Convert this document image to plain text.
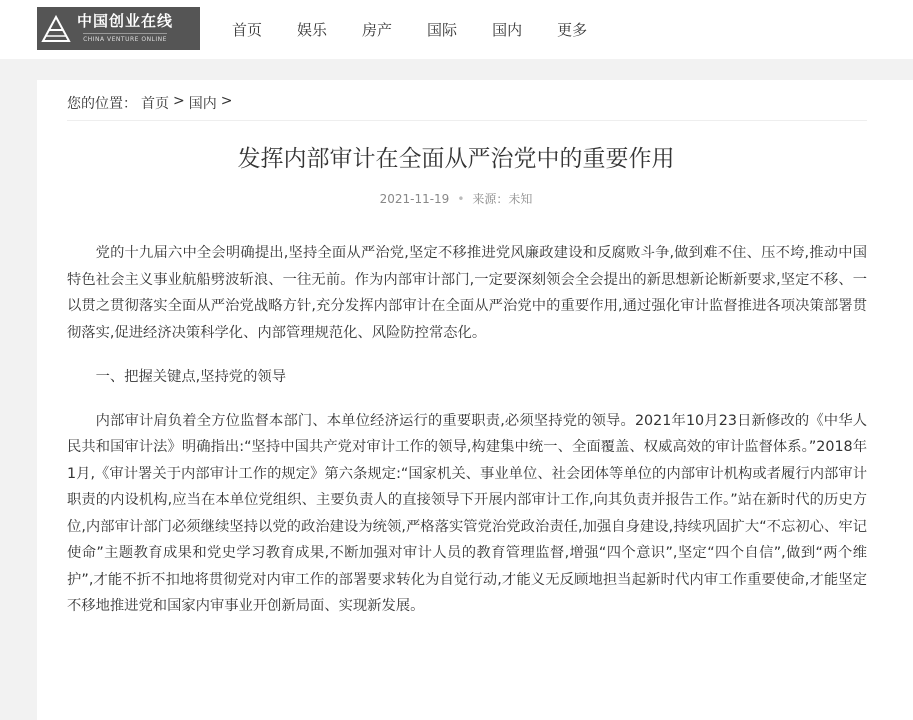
中国创业在线
CHINA VENTURE ONLINE
首页 娱乐 房产 国际 国内 更多
您的位置： 首页 > 国内 >
发挥内部审计在全面从严治党中的重要作用
2021-11-19 • 来源：未知

党的十九届六中全会明确提出,坚持全面从严治党,坚定不移推进党风廉政建设和反腐败斗争,做到难不住、压不垮,推动中国特色社会主义事业航船劈波斩浪、一往无前。作为内部审计部门,一定要深刻领会全会提出的新思想新论断新要求,坚定不移、一以贯之贯彻落实全面从严治党战略方针,充分发挥内部审计在全面从严治党中的重要作用,通过强化审计监督推进各项决策部署贯彻落实,促进经济决策科学化、内部管理规范化、风险防控常态化。

一、把握关键点,坚持党的领导

内部审计肩负着全方位监督本部门、本单位经济运行的重要职责,必须坚持党的领导。2021年10月23日新修改的《中华人民共和国审计法》明确指出:“坚持中国共产党对审计工作的领导,构建集中统一、全面覆盖、权威高效的审计监督体系。”2018年1月,《审计署关于内部审计工作的规定》第六条规定:“国家机关、事业单位、社会团体等单位的内部审计机构或者履行内部审计职责的内设机构,应当在本单位党组织、主要负责人的直接领导下开展内部审计工作,向其负责并报告工作。”站在新时代的历史方位,内部审计部门必须继续坚持以党的政治建设为统领,严格落实管党治党政治责任,加强自身建设,持续巩固扩大“不忘初心、牢记使命”主题教育成果和党史学习教育成果,不断加强对审计人员的教育管理监督,增强“四个意识”,坚定“四个自信”,做到“两个维护”,才能不折不扣地将贯彻党对内审工作的部署要求转化为自觉行动,才能义无反顾地担当起新时代内审工作重要使命,才能坚定不移地推进党和国家内审事业开创新局面、实现新发展。
